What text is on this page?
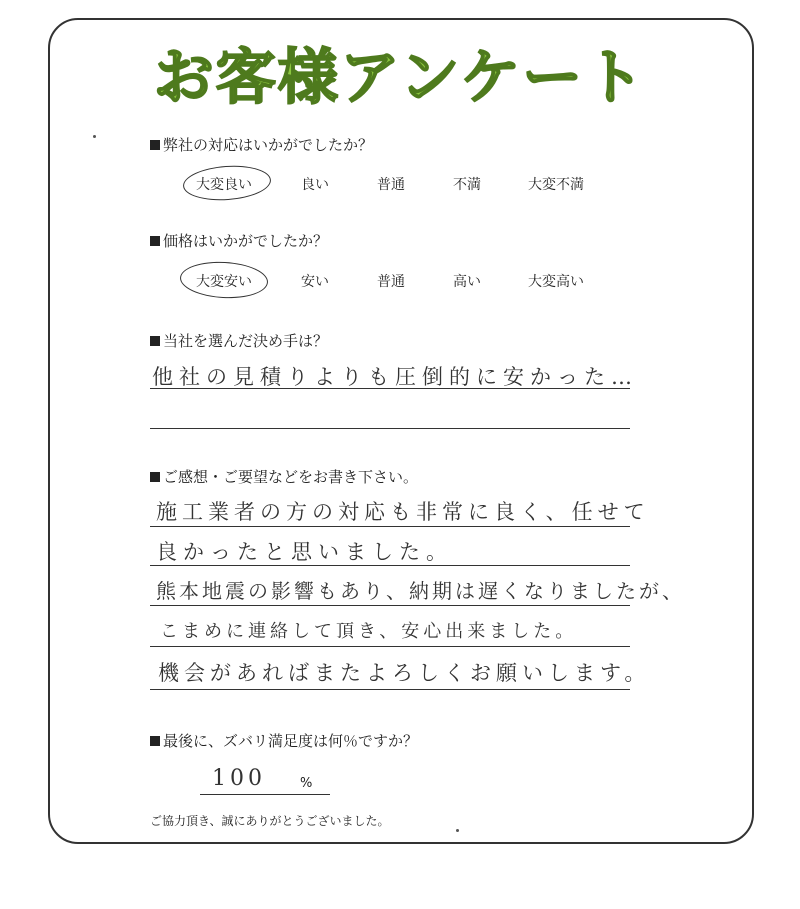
お客様アンケート
弊社の対応はいかがでしたか？
大変良い	良い	普通	不満	大変不満
価格はいかがでしたか？
大変安い	安い	普通	高い	大変高い
当社を選んだ決め手は？
他社の見積りよりも圧倒的に安かった…
ご感想・ご要望などをお書き下さい。
施工業者の方の対応も非常に良く、任せて
良かったと思いました。
熊本地震の影響もあり、納期は遅くなりましたが、
こまめに連絡して頂き、安心出来ました。
機会があればまたよろしくお願いします。
最後に、ズバリ満足度は何％ですか？
100	%
ご協力頂き、誠にありがとうございました。
